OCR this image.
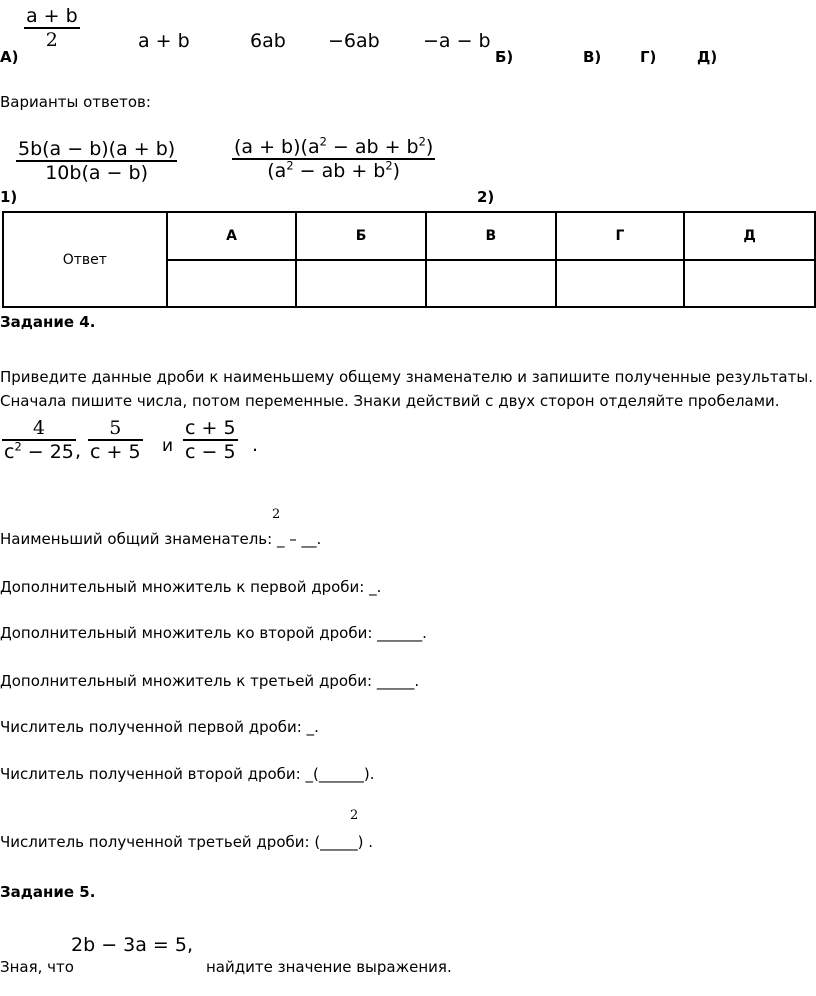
a + b
2
А)
a + b	6ab −6ab −a − b
Б)	В)	Г)	Д)
Варианты ответов:
5b(a − b)(a + b)
10b(a − b)
1)
$(a + b)(a^2$ − ab + $b^2$)
($a^2$ − ab + $b^2$)
2)
Ответ	А	Б	В	Г	Д

Задание 4.
Приведите данные дроби к наименьшему общему знаменателю и запишите полученные результаты.
Сначала пишите числа, потом переменные. Знаки действий с двух сторон отделяйте пробелами.
4
$c^2 - 25$ ,
5
c + 5 и
c + 5
c − 5 .
2
Наименьший общий знаменатель: _ – __.
Дополнительный множитель к первой дроби: _.
Дополнительный множитель ко второй дроби: ______.
Дополнительный множитель к третьей дроби: _____.
Числитель полученной первой дроби: _.
Числитель полученной второй дроби: _(______).
2
Числитель полученной третьей дроби: (_____) .
Задание 5.
Зная, что
2b − 3a = 5,
найдите значение выражения.
